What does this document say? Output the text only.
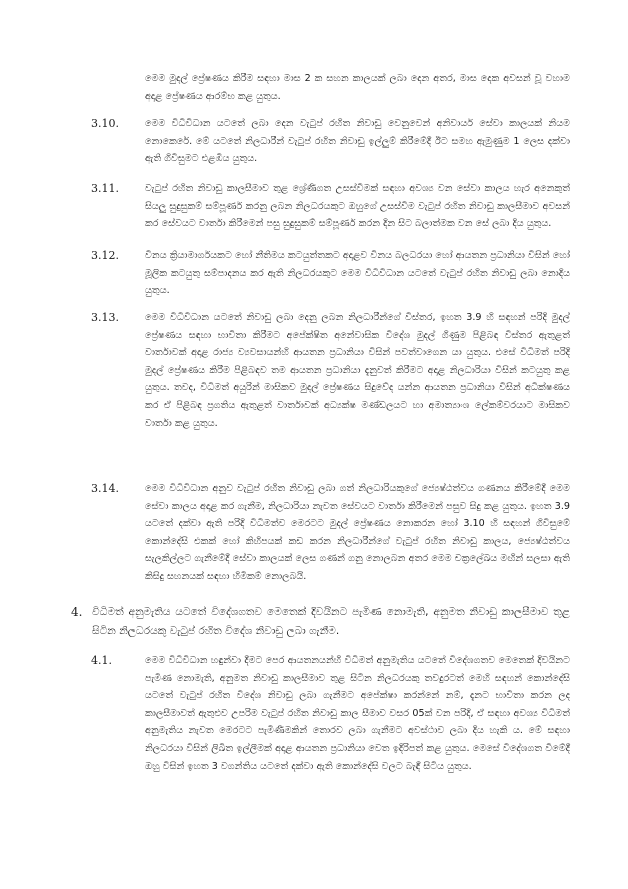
මෙම මුදල් ප්‍රේෂණය කිරීම සඳහා මාස 2 ක සහන කාලයක් ලබා දෙන අතර, මාස දෙක අවසන් වූ වහාම අදාළ ප්‍රේෂණය ආරම්භ කළ යුතුය.

3.10.	මෙම විධිවිධාන යටතේ ලබා දෙන වැටුප් රහිත නිවාඩු වෙනුවෙන් අනිවාර්ය සේවා කාලයක් නියම නොකෙරේ. මේ යටතේ නිලධාරීන් වැටුප් රහිත නිවාඩු ඉල්ලුම් කිරීමේදී ඊට සමහ ඇමුණුම 1 ලෙස දක්වා ඇති ගිවිසුමට එළඹිය යුතුය.

3.11.	වැටුප් රහිත නිවාඩු කාලසීමාව තුළ ශ්‍රේණිගත උසස්වීමක් සඳහා අවශ්‍ය වන සේවා කාලය හැර අනෙකුත් සියලු සුදුසුකම් සම්පූර්ණ කරනු ලබන නිලධරයකුට ඔහුගේ උසස්වීම වැටුප් රහිත නිවාඩු කාලසීමාව අවසන් කර සේවයට වාර්තා කිරීමෙන් පසු සුදුසුකම් සම්පූර්ණ කරන දින සිට බලාත්මක වන සේ ලබා දිය යුතුය.

3.12.	විනය ක්‍රියාමාර්ගයකට හෝ නීතිමය කටයුත්තකට අදාළව විනය බලධරයා හෝ ආයතන ප්‍රධානියා විසින් හෝ මූලික කටයුතු සම්පාදනය කර ඇති නිලධරයකුට මෙම විධිවිධාන යටතේ වැටුප් රහිත නිවාඩු ලබා නොදිය යුතුය.

3.13.	මෙම විධිවිධාන යටතේ නිවාඩු ලබා දෙනු ලබන නිලධාරීන්ගේ විස්තර, ඉහත 3.9 හි සඳහන් පරිදි මුදල් ප්‍රේෂණය සඳහා භාවිතා කිරීමට අපේක්ෂිත අනේවාසික විදේශ මුදල් ගිණුම පිළිබඳ විස්තර ඇතුළත් වාර්තාවක් අදාළ රාජ්‍ය ව්‍යවසායන්හි ආයතන ප්‍රධානියා විසින් පවත්වාගෙන යා යුතුය. එසේ විධිමත් පරිදි මුදල් ප්‍රේෂණය කිරීම පිළිබඳව තම ආයතන ප්‍රධානියා දැනුවත් කිරීමට අදාළ නිලධාරියා විසින් කටයුතු කළ යුතුය. තවද, විධිමත් අයුරින් මාසිකව මුදල් ප්‍රේෂණය සිදුවේද යන්න ආයතන ප්‍රධානියා විසින් අධීක්ෂණය කර ඒ පිළිබඳ ප්‍රගතිය ඇතුළත් වාර්තාවක් අධ්‍යක්ෂ මණ්ඩලයට හා අමාත්‍යාංශ ලේකම්වරයාට මාසිකව වාර්තා කළ යුතුය.

3.14.	මෙම විධිවිධාන අනුව වැටුප් රහිත නිවාඩු ලබා ගත් නිලධාරියකුගේ ජ්‍යෙෂ්ඨත්වය ගණනය කිරීමේදී මෙම සේවා කාලය අදාළ කර ගැනීම, නිලධාරියා නැවත සේවයට වාර්තා කිරීමෙන් පසුව සිදු කළ යුතුය. ඉහත 3.9 යටතේ දක්වා ඇති පරිදි විධිමත්ව මෙරටට මුදල් ප්‍රේෂණය නොකරන හෝ 3.10 හි සඳහන් ගිවිසුමේ කොන්දේසි එකක් හෝ කිහිපයක් කඩ කරන නිලධාරීන්ගේ වැටුප් රහිත නිවාඩු කාලය, ජ්‍යෙෂ්ඨත්වය සැලකිල්ලට ගැනීමේදී සේවා කාලයක් ලෙස ගණන් ගනු නොලබන අතර මෙම චක්‍රලේඛය මඟින් සලසා ඇති කිසිදු සහනයක් සඳහා හිමිකම් නොලබයි.

4. විධිමත් අනුමැතිය යටතේ විදේශගතව මෙතෙක් දිවයිනට පැමිණ නොමැති, අනුමත නිවාඩු කාලසීමාව තුළ සිටින නිලධරයකු වැටුප් රහිත විදේශ නිවාඩු ලබා ගැනීම.

4.1.	මෙම විධිවිධාන හඳුන්වා දීමට පෙර ආයතනයන්හි විධිමත් අනුමැතිය යටතේ විදේශගතව මෙතෙක් දිවයිනට පැමිණ නොමැති, අනුමත නිවාඩු කාලසීමාව තුළ සිටින නිලධරයකු තවදුරටත් මෙහි සඳහන් කොන්දේසි යටතේ වැටුප් රහිත විදේශ නිවාඩු ලබා ගැනීමට අපේක්ෂා කරන්නේ නම්, දැනට භාවිතා කරන ලද කාලසීමාවත් ඇතුළුව උපරිම වැටුප් රහිත නිවාඩු කාල සීමාව වසර 05ක් වන පරිදි, ඒ සඳහා අවශ්‍ය විධිමත් අනුමැතිය නැවත මෙරටට පැමිණීමකින් තොරව ලබා ගැනීමට අවස්ථාව ලබා දිය හැකි ය. මේ සඳහා නිලධරයා විසින් ලිඛිත ඉල්ලීමක් අදාළ ආයතන ප්‍රධානියා වෙත ඉදිරිපත් කළ යුතුය. මෙසේ විදේශගත වීමේදී ඔහු විසින් ඉහත 3 වගන්තිය යටතේ දක්වා ඇති කොන්දේසි වලට බැඳී සිටිය යුතුය.
